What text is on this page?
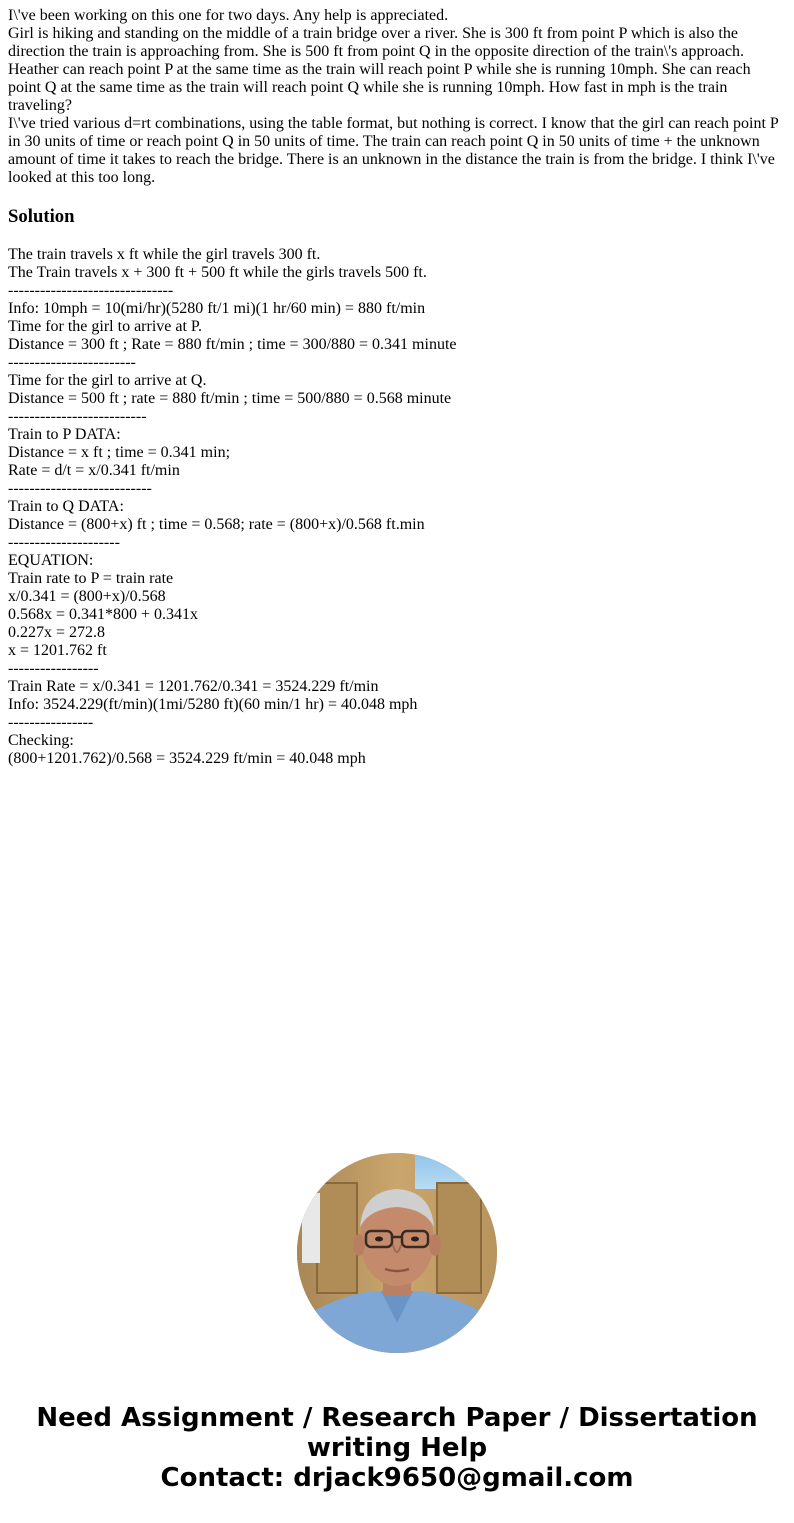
I\'ve been working on this one for two days. Any help is appreciated.

Girl is hiking and standing on the middle of a train bridge over a river. She is 300 ft from point P which is also the direction the train is approaching from. She is 500 ft from point Q in the opposite direction of the train\'s approach. Heather can reach point P at the same time as the train will reach point P while she is running 10mph. She can reach point Q at the same time as the train will reach point Q while she is running 10mph. How fast in mph is the train traveling?

I\'ve tried various d=rt combinations, using the table format, but nothing is correct. I know that the girl can reach point P in 30 units of time or reach point Q in 50 units of time. The train can reach point Q in 50 units of time + the unknown amount of time it takes to reach the bridge. There is an unknown in the distance the train is from the bridge. I think I\'ve looked at this too long.

Solution
The train travels x ft while the girl travels 300 ft.
The Train travels x + 300 ft + 500 ft while the girls travels 500 ft.
-------------------------------
Info: 10mph = 10(mi/hr)(5280 ft/1 mi)(1 hr/60 min) = 880 ft/min
Time for the girl to arrive at P.
Distance = 300 ft ; Rate = 880 ft/min ; time = 300/880 = 0.341 minute
------------------------
Time for the girl to arrive at Q.
Distance = 500 ft ; rate = 880 ft/min ; time = 500/880 = 0.568 minute
--------------------------
Train to P DATA:
Distance = x ft ; time = 0.341 min;
Rate = d/t = x/0.341 ft/min
---------------------------
Train to Q DATA:
Distance = (800+x) ft ; time = 0.568; rate = (800+x)/0.568 ft.min
---------------------
EQUATION:
Train rate to P = train rate
x/0.341 = (800+x)/0.568
0.568x = 0.341*800 + 0.341x
0.227x = 272.8
x = 1201.762 ft
-----------------
Train Rate = x/0.341 = 1201.762/0.341 = 3524.229 ft/min
Info: 3524.229(ft/min)(1mi/5280 ft)(60 min/1 hr) = 40.048 mph
----------------
Checking:
(800+1201.762)/0.568 = 3524.229 ft/min = 40.048 mph
Need Assignment / Research Paper / Dissertation
writing Help
Contact: drjack9650@gmail.com
